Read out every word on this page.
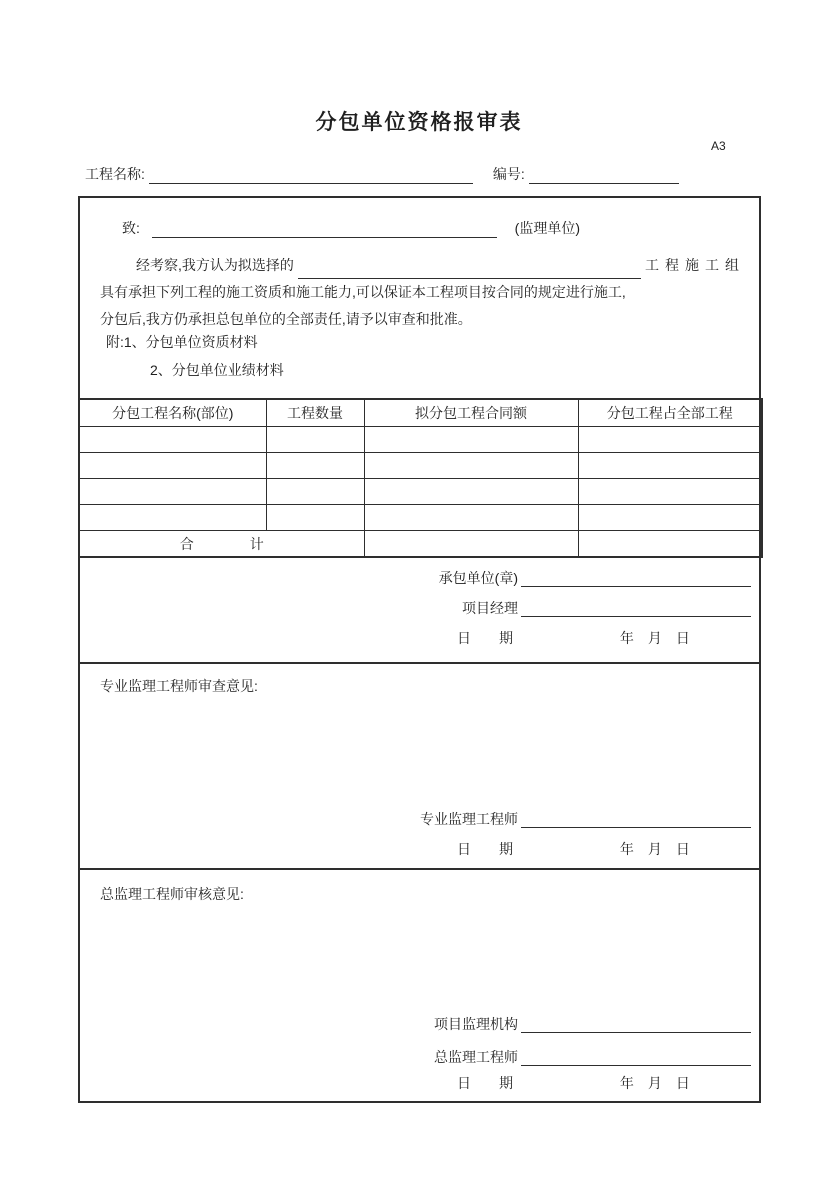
分包单位资格报审表
A3
工程名称:	编号:
致:	(监理单位)
经考察,我方认为拟选择的	工程施工组
具有承担下列工程的施工资质和施工能力,可以保证本工程项目按合同的规定进行施工,
分包后,我方仍承担总包单位的全部责任,请予以审查和批准。
附:1、分包单位资质材料
2、分包单位业绩材料
分包工程名称(部位)	工程数量	拟分包工程合同额	分包工程占全部工程

合　　　　计			
承包单位(章)
项目经理
日　　期	年　月　日
专业监理工程师审查意见:
专业监理工程师
日　　期	年　月　日
总监理工程师审核意见:
项目监理机构
总监理工程师
日　　期	年　月　日
